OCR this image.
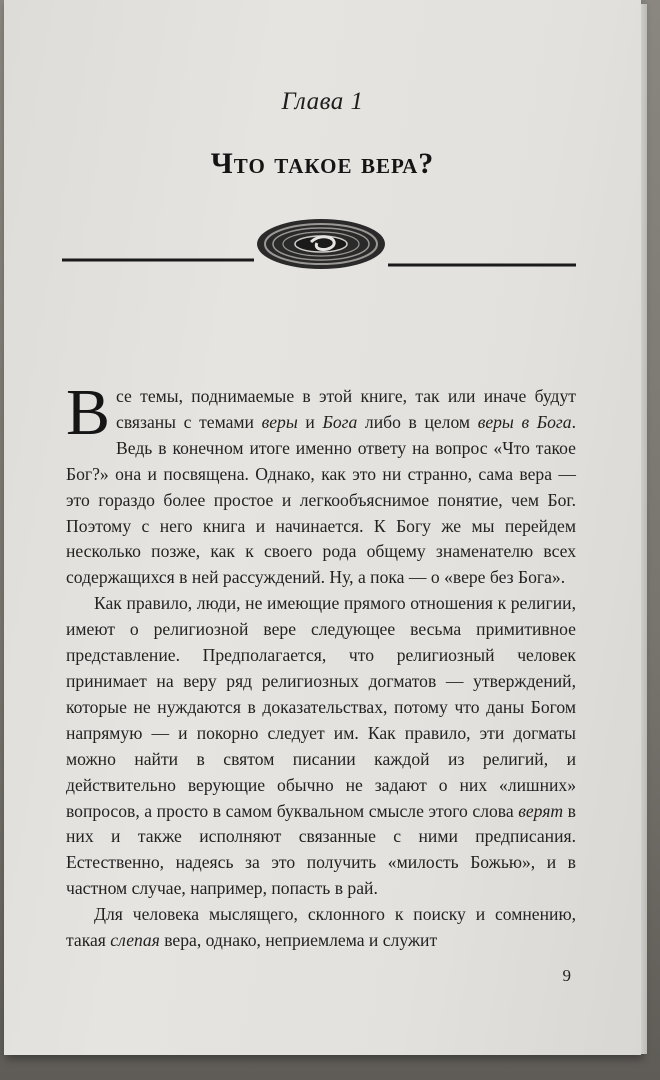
Глава 1
Что такое вера?

Все темы, поднимаемые в этой книге, так или иначе будут связаны с темами веры и Бога либо в целом веры в Бога. Ведь в конечном итоге именно ответу на вопрос «Что такое Бог?» она и посвящена. Однако, как это ни странно, сама вера — это гораздо более простое и легкообъяснимое понятие, чем Бог. Поэтому с него книга и начинается. К Богу же мы перейдем несколько позже, как к своего рода общему знаменателю всех содержащихся в ней рассуждений. Ну, а пока — о «вере без Бога».

Как правило, люди, не имеющие прямого отношения к религии, имеют о религиозной вере следующее весьма примитивное представление. Предполагается, что религиозный человек принимает на веру ряд религиозных догматов — утверждений, которые не нуждаются в доказательствах, потому что даны Богом напрямую — и покорно следует им. Как правило, эти догматы можно найти в святом писании каждой из религий, и действительно верующие обычно не задают о них «лишних» вопросов, а просто в самом буквальном смысле этого слова верят в них и также исполняют связанные с ними предписания. Естественно, надеясь за это получить «милость Божью», и в частном случае, например, попасть в рай.

Для человека мыслящего, склонного к поиску и сомнению, такая слепая вера, однако, неприемлема и служит

9
